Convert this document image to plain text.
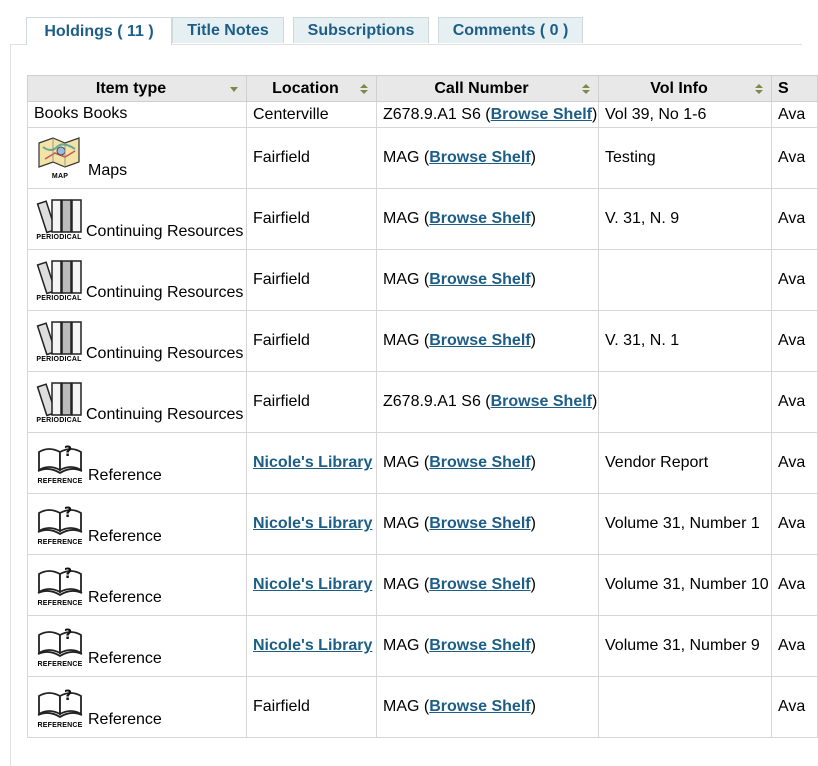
Holdings ( 11 )	Title Notes	Subscriptions	Comments ( 0 )
Item type	Location	Call Number	Vol Info	S

Books Books	Centerville	Z678.9.A1 S6 (Browse Shelf)	Vol 39, No 1-6	Ava

MAP Maps	Fairfield	MAG (Browse Shelf)	Testing	Ava

PERIODICAL Continuing Resources	Fairfield	MAG (Browse Shelf)	V. 31, N. 9	Ava

PERIODICAL Continuing Resources	Fairfield	MAG (Browse Shelf)		Ava

PERIODICAL Continuing Resources	Fairfield	MAG (Browse Shelf)	V. 31, N. 1	Ava

PERIODICAL Continuing Resources	Fairfield	Z678.9.A1 S6 (Browse Shelf)		Ava

REFERENCE Reference	Nicole's Library	MAG (Browse Shelf)	Vendor Report	Ava

REFERENCE Reference	Nicole's Library	MAG (Browse Shelf)	Volume 31, Number 1	Ava

REFERENCE Reference	Nicole's Library	MAG (Browse Shelf)	Volume 31, Number 10	Ava

REFERENCE Reference	Nicole's Library	MAG (Browse Shelf)	Volume 31, Number 9	Ava

REFERENCE Reference	Fairfield	MAG (Browse Shelf)		Ava
